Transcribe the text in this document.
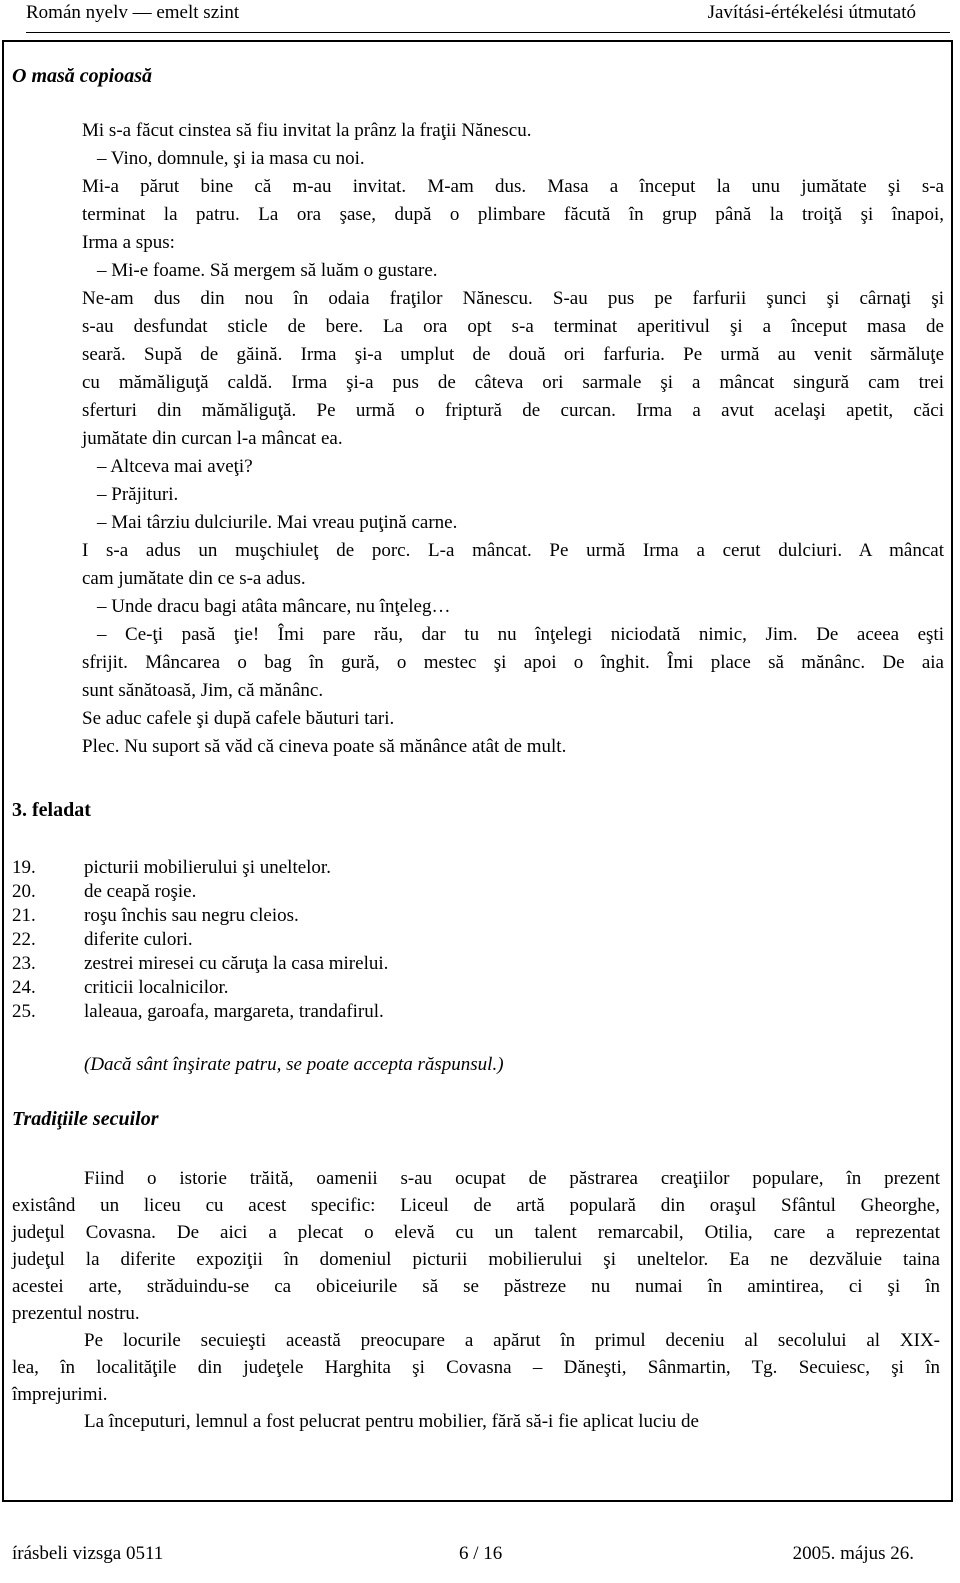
Román nyelv — emelt szint	Javítási-értékelési útmutató
O masă copioasă
Mi s-a făcut cinstea să fiu invitat la prânz la fraţii Nănescu.
– Vino, domnule, şi ia masa cu noi.
Mi-a părut bine că m-au invitat. M-am dus. Masa a început la unu jumătate şi s-a
terminat la patru. La ora şase, după o plimbare făcută în grup până la troiţă şi înapoi,
Irma a spus:
– Mi-e foame. Să mergem să luăm o gustare.
Ne-am dus din nou în odaia fraţilor Nănescu. S-au pus pe farfurii şunci şi cârnaţi şi
s-au desfundat sticle de bere. La ora opt s-a terminat aperitivul şi a început masa de
seară. Supă de găină. Irma şi-a umplut de două ori farfuria. Pe urmă au venit sărmăluţe
cu mămăliguţă caldă. Irma şi-a pus de câteva ori sarmale şi a mâncat singură cam trei
sferturi din mămăliguţă. Pe urmă o friptură de curcan. Irma a avut acelaşi apetit, căci
jumătate din curcan l-a mâncat ea.
– Altceva mai aveţi?
– Prăjituri.
– Mai târziu dulciurile. Mai vreau puţină carne.
I s-a adus un muşchiuleţ de porc. L-a mâncat. Pe urmă Irma a cerut dulciuri. A mâncat
cam jumătate din ce s-a adus.
– Unde dracu bagi atâta mâncare, nu înţeleg…
– Ce-ţi pasă ţie! Îmi pare rău, dar tu nu înţelegi niciodată nimic, Jim. De aceea eşti
sfrijit. Mâncarea o bag în gură, o mestec şi apoi o înghit. Îmi place să mănânc. De aia
sunt sănătoasă, Jim, că mănânc.
Se aduc cafele şi după cafele băuturi tari.
Plec. Nu suport să văd că cineva poate să mănânce atât de mult.
3. feladat
19.	picturii mobilierului şi uneltelor.
20.	de ceapă roşie.
21.	roşu închis sau negru cleios.
22.	diferite culori.
23.	zestrei miresei cu căruţa la casa mirelui.
24.	criticii localnicilor.
25.	laleaua, garoafa, margareta, trandafirul.
(Dacă sânt înşirate patru, se poate accepta răspunsul.)
Tradiţiile secuilor
Fiind o istorie trăită, oamenii s-au ocupat de păstrarea creaţiilor populare, în prezent
existând un liceu cu acest specific: Liceul de artă populară din oraşul Sfântul Gheorghe,
judeţul Covasna. De aici a plecat o elevă cu un talent remarcabil, Otilia, care a reprezentat
judeţul la diferite expoziţii în domeniul picturii mobilierului şi uneltelor. Ea ne dezvăluie taina
acestei arte, străduindu-se ca obiceiurile să se păstreze nu numai în amintirea, ci şi în
prezentul nostru.
Pe locurile secuieşti această preocupare a apărut în primul deceniu al secolului al XIX-
lea, în localităţile din judeţele Harghita şi Covasna – Dăneşti, Sânmartin, Tg. Secuiesc, şi în
împrejurimi.
La începuturi, lemnul a fost pelucrat pentru mobilier, fără să-i fie aplicat luciu de
írásbeli vizsga 0511	6 / 16	2005. május 26.
